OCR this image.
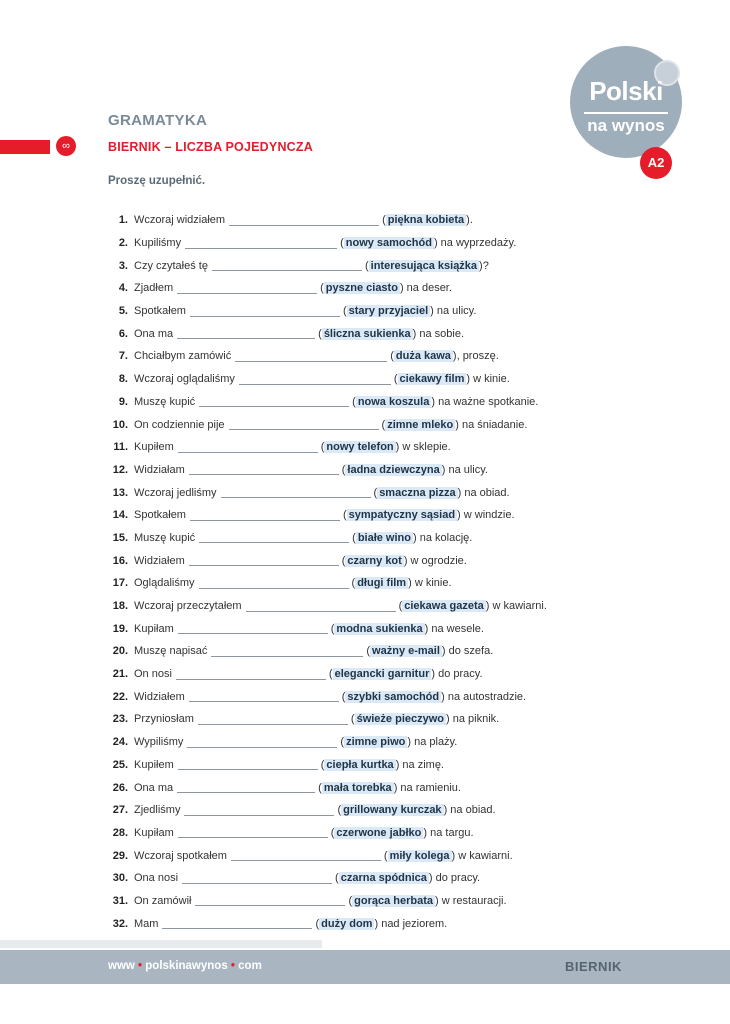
Polski
na wynos
A2
GRAMATYKA
∞	BIERNIK – LICZBA POJEDYNCZA
Proszę uzupełnić.
1. Wczoraj widziałem	( piękna kobieta ) .
2. Kupiliśmy	( nowy samochód ) na wyprzedaży.
3. Czy czytałeś tę	( interesująca książka ) ?
4. Zjadłem	( pyszne ciasto ) na deser.
5. Spotkałem	( stary przyjaciel ) na ulicy.
6. Ona ma	( śliczna sukienka ) na sobie.
7. Chciałbym zamówić	( duża kawa ) , proszę.
8. Wczoraj oglądaliśmy	( ciekawy film ) w kinie.
9. Muszę kupić	( nowa koszula ) na ważne spotkanie.
10. On codziennie pije	( zimne mleko ) na śniadanie.
11. Kupiłem	( nowy telefon ) w sklepie.
12. Widziałam	( ładna dziewczyna ) na ulicy.
13. Wczoraj jedliśmy	( smaczna pizza ) na obiad.
14. Spotkałem	( sympatyczny sąsiad ) w windzie.
15. Muszę kupić	( białe wino ) na kolację.
16. Widziałem	( czarny kot ) w ogrodzie.
17. Oglądaliśmy	( długi film ) w kinie.
18. Wczoraj przeczytałem	( ciekawa gazeta ) w kawiarni.
19. Kupiłam	( modna sukienka ) na wesele.
20. Muszę napisać	( ważny e-mail ) do szefa.
21. On nosi	( elegancki garnitur ) do pracy.
22. Widziałem	( szybki samochód ) na autostradzie.
23. Przyniosłam	( świeże pieczywo ) na piknik.
24. Wypiliśmy	( zimne piwo ) na plaży.
25. Kupiłem	( ciepła kurtka ) na zimę.
26. Ona ma	( mała torebka ) na ramieniu.
27. Zjedliśmy	( grillowany kurczak ) na obiad.
28. Kupiłam	( czerwone jabłko ) na targu.
29. Wczoraj spotkałem	( miły kolega ) w kawiarni.
30. Ona nosi	( czarna spódnica ) do pracy.
31. On zamówił	( gorąca herbata ) w restauracji.
32. Mam	( duży dom ) nad jeziorem.
www • polskinawynos • com	BIERNIK
